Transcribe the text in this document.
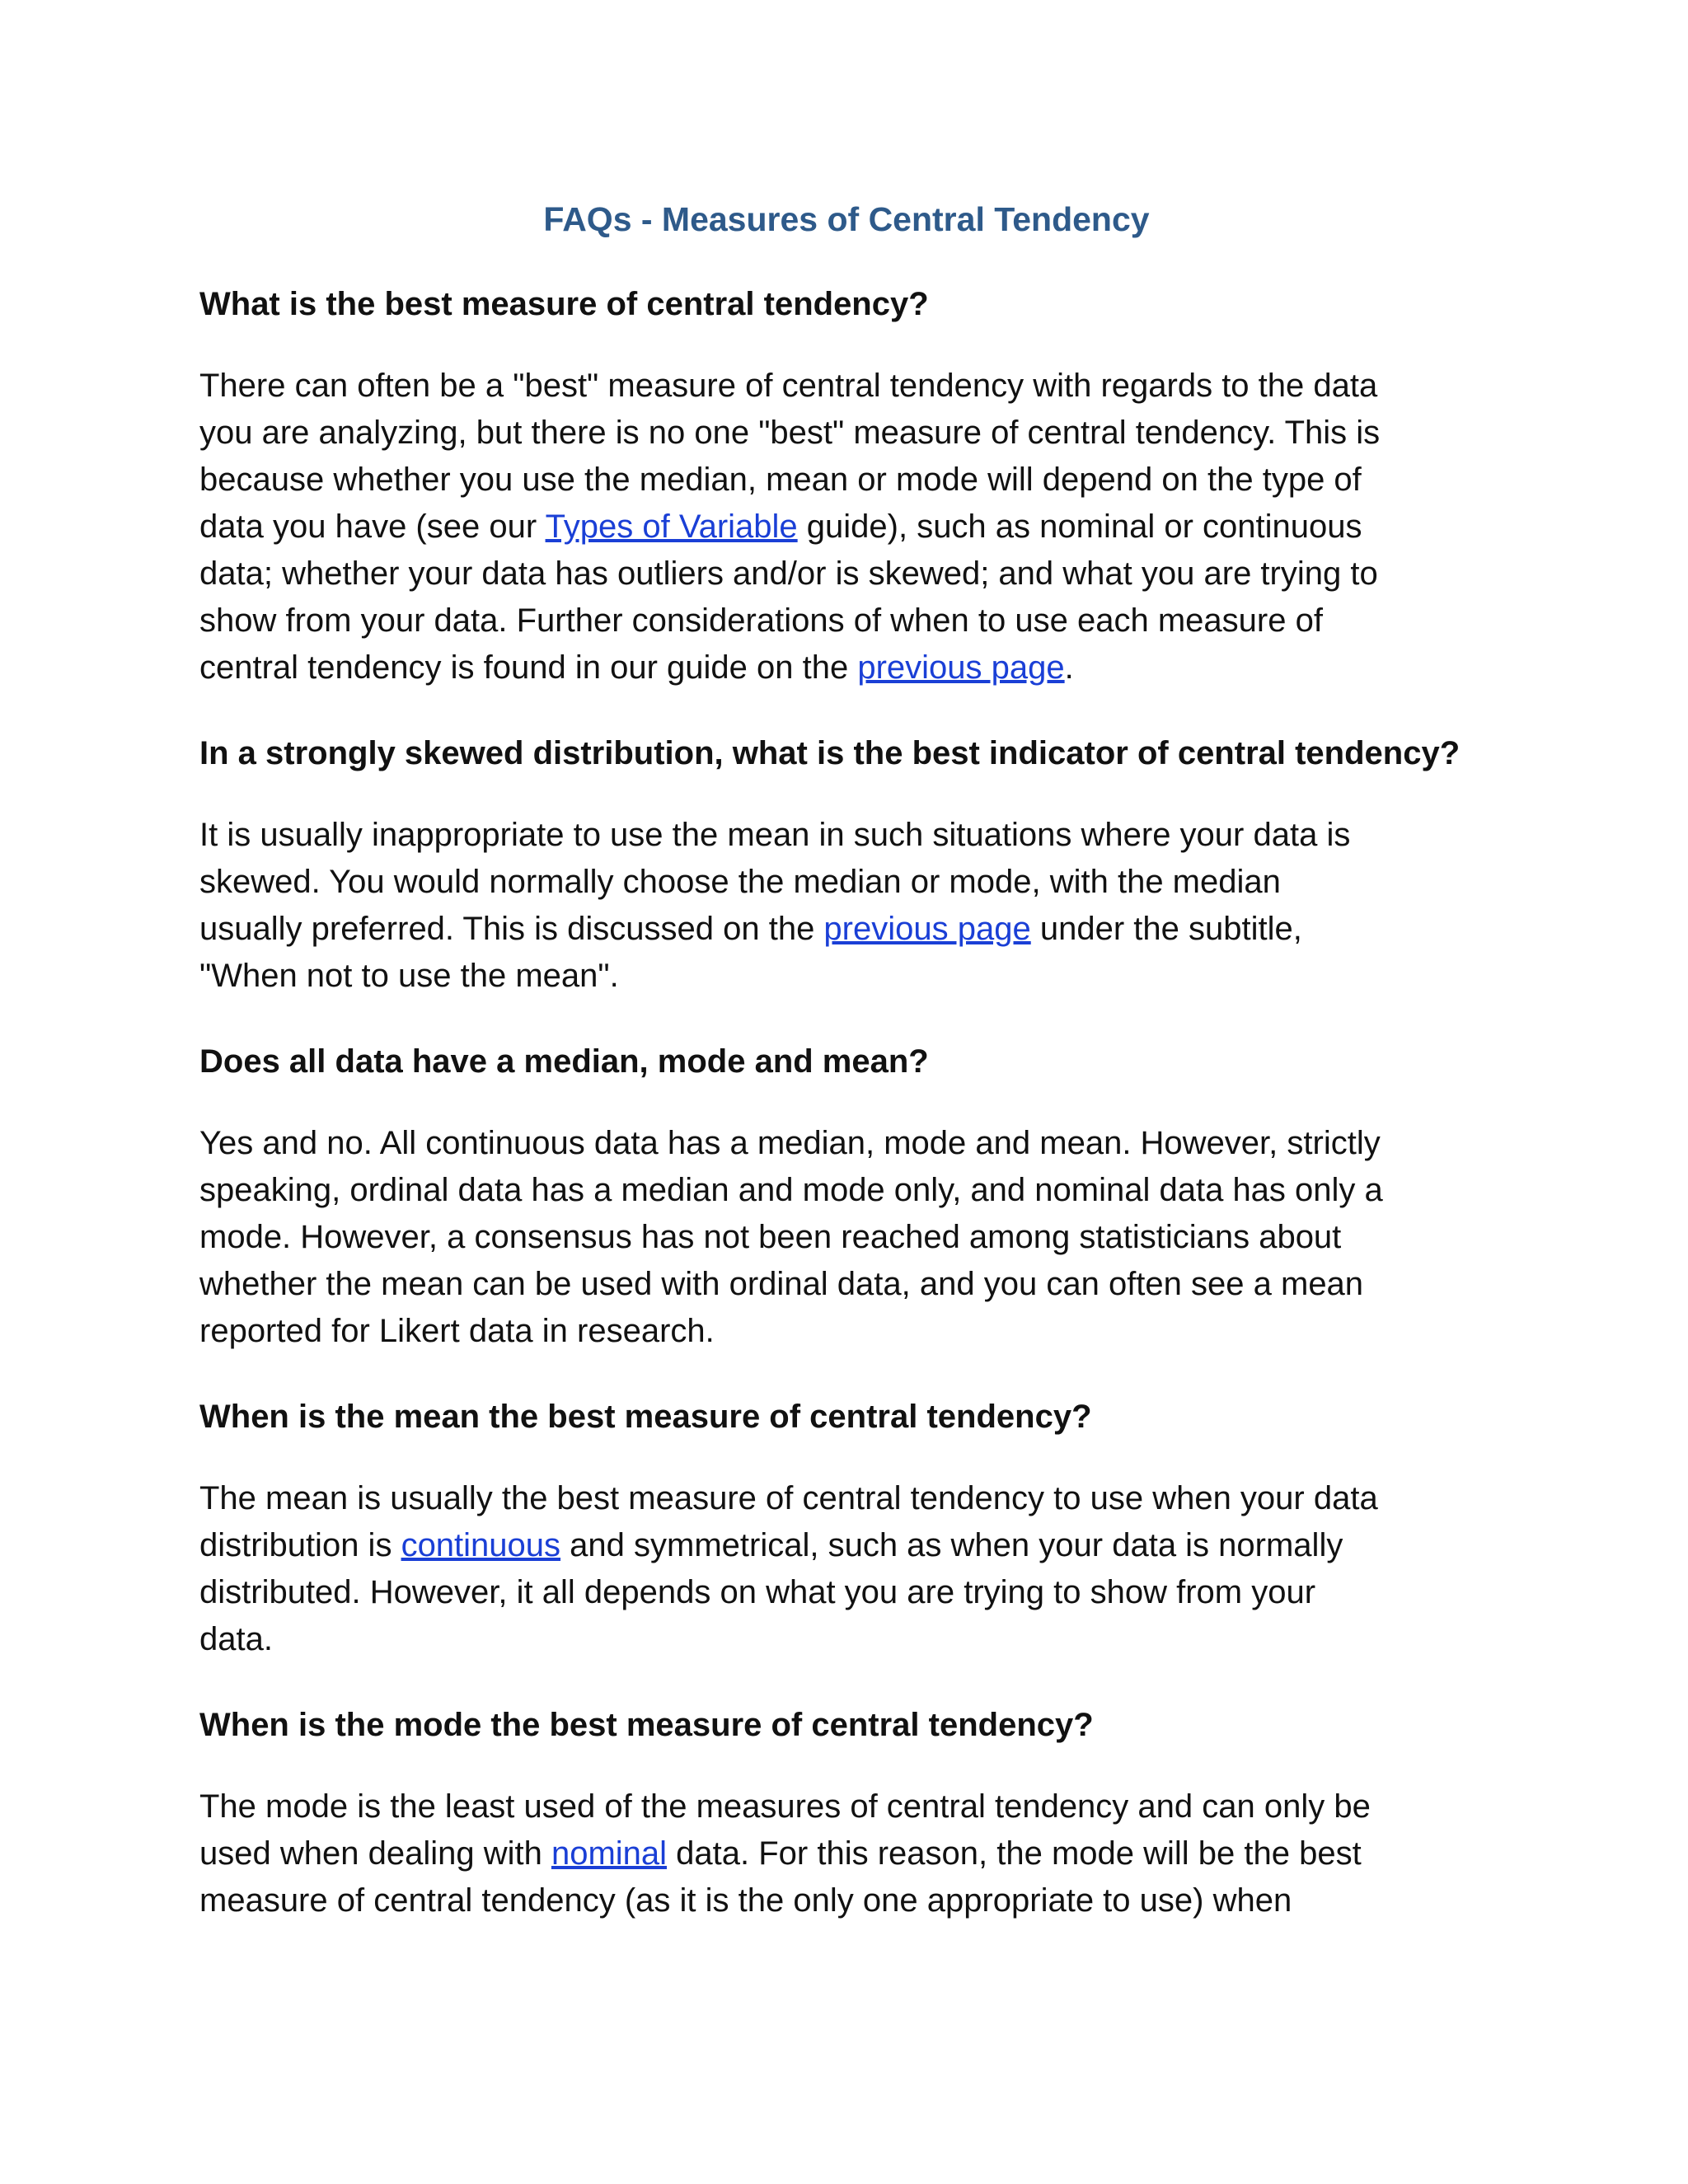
FAQs - Measures of Central Tendency
What is the best measure of central tendency?
There can often be a "best" measure of central tendency with regards to the data
you are analyzing, but there is no one "best" measure of central tendency. This is
because whether you use the median, mean or mode will depend on the type of
data you have (see our Types of Variable guide), such as nominal or continuous
data; whether your data has outliers and/or is skewed; and what you are trying to
show from your data. Further considerations of when to use each measure of
central tendency is found in our guide on the previous page.
In a strongly skewed distribution, what is the best indicator of central tendency?
It is usually inappropriate to use the mean in such situations where your data is
skewed. You would normally choose the median or mode, with the median
usually preferred. This is discussed on the previous page under the subtitle,
"When not to use the mean".
Does all data have a median, mode and mean?
Yes and no. All continuous data has a median, mode and mean. However, strictly
speaking, ordinal data has a median and mode only, and nominal data has only a
mode. However, a consensus has not been reached among statisticians about
whether the mean can be used with ordinal data, and you can often see a mean
reported for Likert data in research.
When is the mean the best measure of central tendency?
The mean is usually the best measure of central tendency to use when your data
distribution is continuous and symmetrical, such as when your data is normally
distributed. However, it all depends on what you are trying to show from your
data.
When is the mode the best measure of central tendency?
The mode is the least used of the measures of central tendency and can only be
used when dealing with nominal data. For this reason, the mode will be the best
measure of central tendency (as it is the only one appropriate to use) when
